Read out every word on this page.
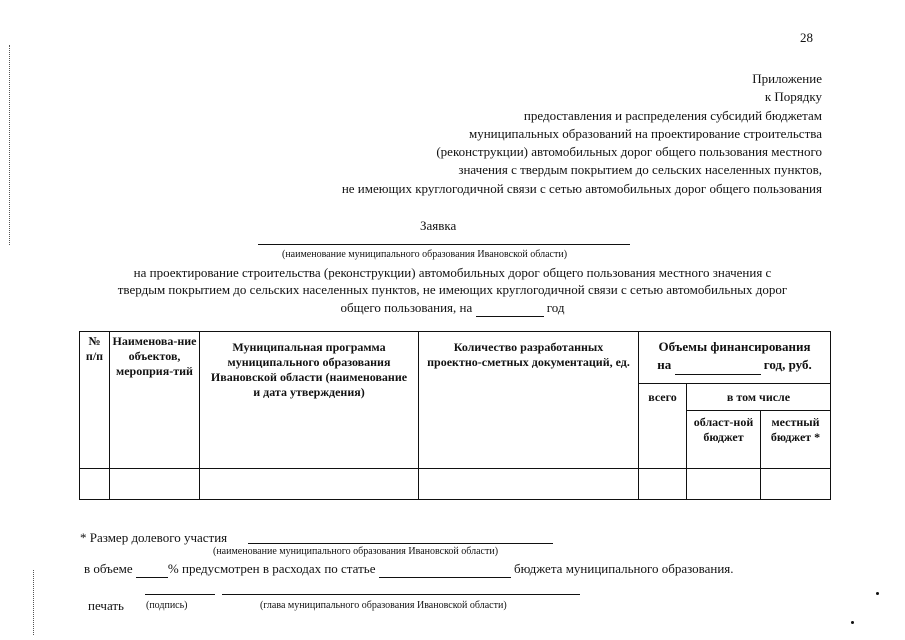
28
Приложение
к Порядку
предоставления и распределения субсидий бюджетам
муниципальных образований на проектирование строительства
(реконструкции) автомобильных дорог общего пользования местного
значения с твердым покрытием до сельских населенных пунктов,
не имеющих круглогодичной связи с сетью автомобильных дорог общего пользования
Заявка
(наименование муниципального образования Ивановской области)
на проектирование строительства (реконструкции) автомобильных дорог общего пользования местного значения с
твердым покрытием до сельских населенных пунктов, не имеющих круглогодичной связи с сетью автомобильных дорог
общего пользования, на	год
№ п/п	Наименова-ние объектов, мероприя-тий	Муниципальная программа муниципального образования Ивановской области (наименование и дата утверждения)	Количество разработанных проектно-сметных документаций, ед.	Объемы финансирования
на год, руб.		
				всего	в том числе	
					област-ной бюджет	местный бюджет *

* Размер долевого участия
(наименование муниципального образования Ивановской области)
в объеме	% предусмотрен в расходах по статье	бюджета муниципального образования.
печать (подпись)	(глава муниципального образования Ивановской области)
